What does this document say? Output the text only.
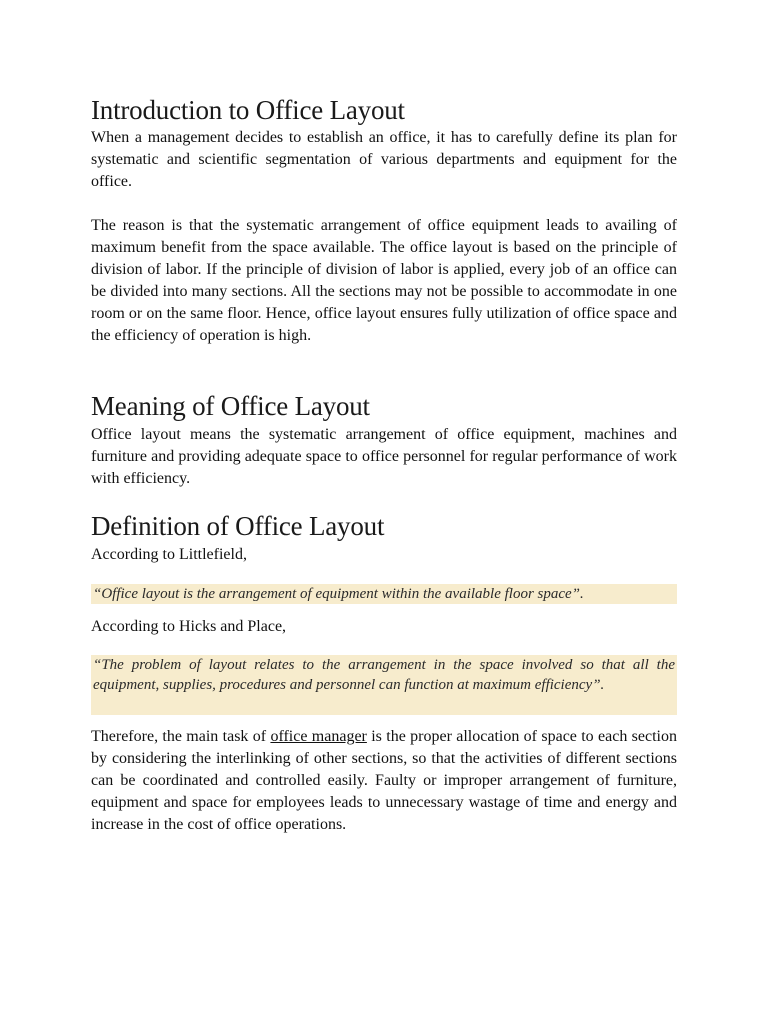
Introduction to Office Layout

When a management decides to establish an office, it has to carefully define its plan for systematic and scientific segmentation of various departments and equipment for the office.

The reason is that the systematic arrangement of office equipment leads to availing of maximum benefit from the space available. The office layout is based on the principle of division of labor. If the principle of division of labor is applied, every job of an office can be divided into many sections. All the sections may not be possible to accommodate in one room or on the same floor. Hence, office layout ensures fully utilization of office space and the efficiency of operation is high.

Meaning of Office Layout

Office layout means the systematic arrangement of office equipment, machines and furniture and providing adequate space to office personnel for regular performance of work with efficiency.

Definition of Office Layout

According to Littlefield,

“Office layout is the arrangement of equipment within the available floor space”.

According to Hicks and Place,

“The problem of layout relates to the arrangement in the space involved so that all the equipment, supplies, procedures and personnel can function at maximum efficiency”.

Therefore, the main task of office manager is the proper allocation of space to each section by considering the interlinking of other sections, so that the activities of different sections can be coordinated and controlled easily. Faulty or improper arrangement of furniture, equipment and space for employees leads to unnecessary wastage of time and energy and increase in the cost of office operations.
